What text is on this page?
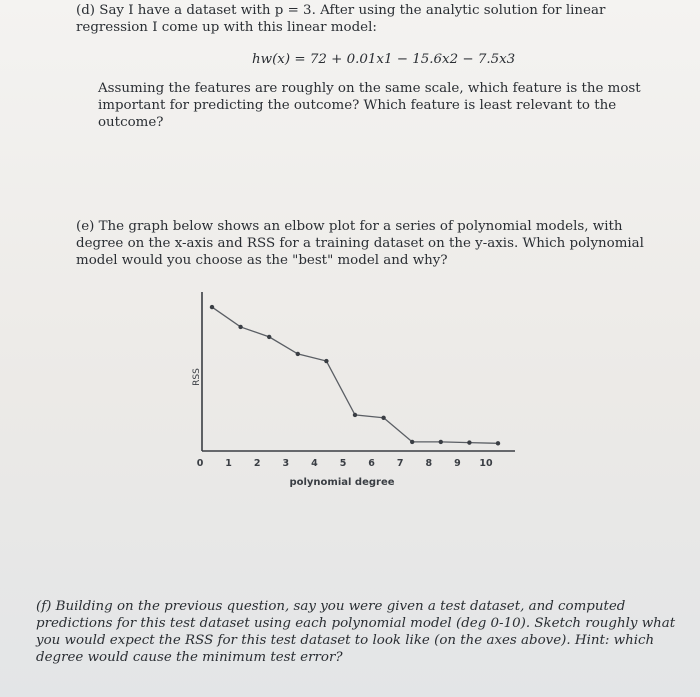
(d) Say I have a dataset with p = 3. After using the analytic solution for linear regression I come up with this linear model:
hw(x) = 72 + 0.01x1 − 15.6x2 − 7.5x3
Assuming the features are roughly on the same scale, which feature is the most important for predicting the outcome? Which feature is least relevant to the outcome?
(e) The graph below shows an elbow plot for a series of polynomial models, with degree on the x-axis and RSS for a training dataset on the y-axis. Which polynomial model would you choose as the "best" model and why?
0 1 2 3 4 5 6 7 8 9 10
RSS
polynomial degree
(f) Building on the previous question, say you were given a test dataset, and computed predictions for this test dataset using each polynomial model (deg 0-10). Sketch roughly what you would expect the RSS for this test dataset to look like (on the axes above). Hint: which degree would cause the minimum test error?
